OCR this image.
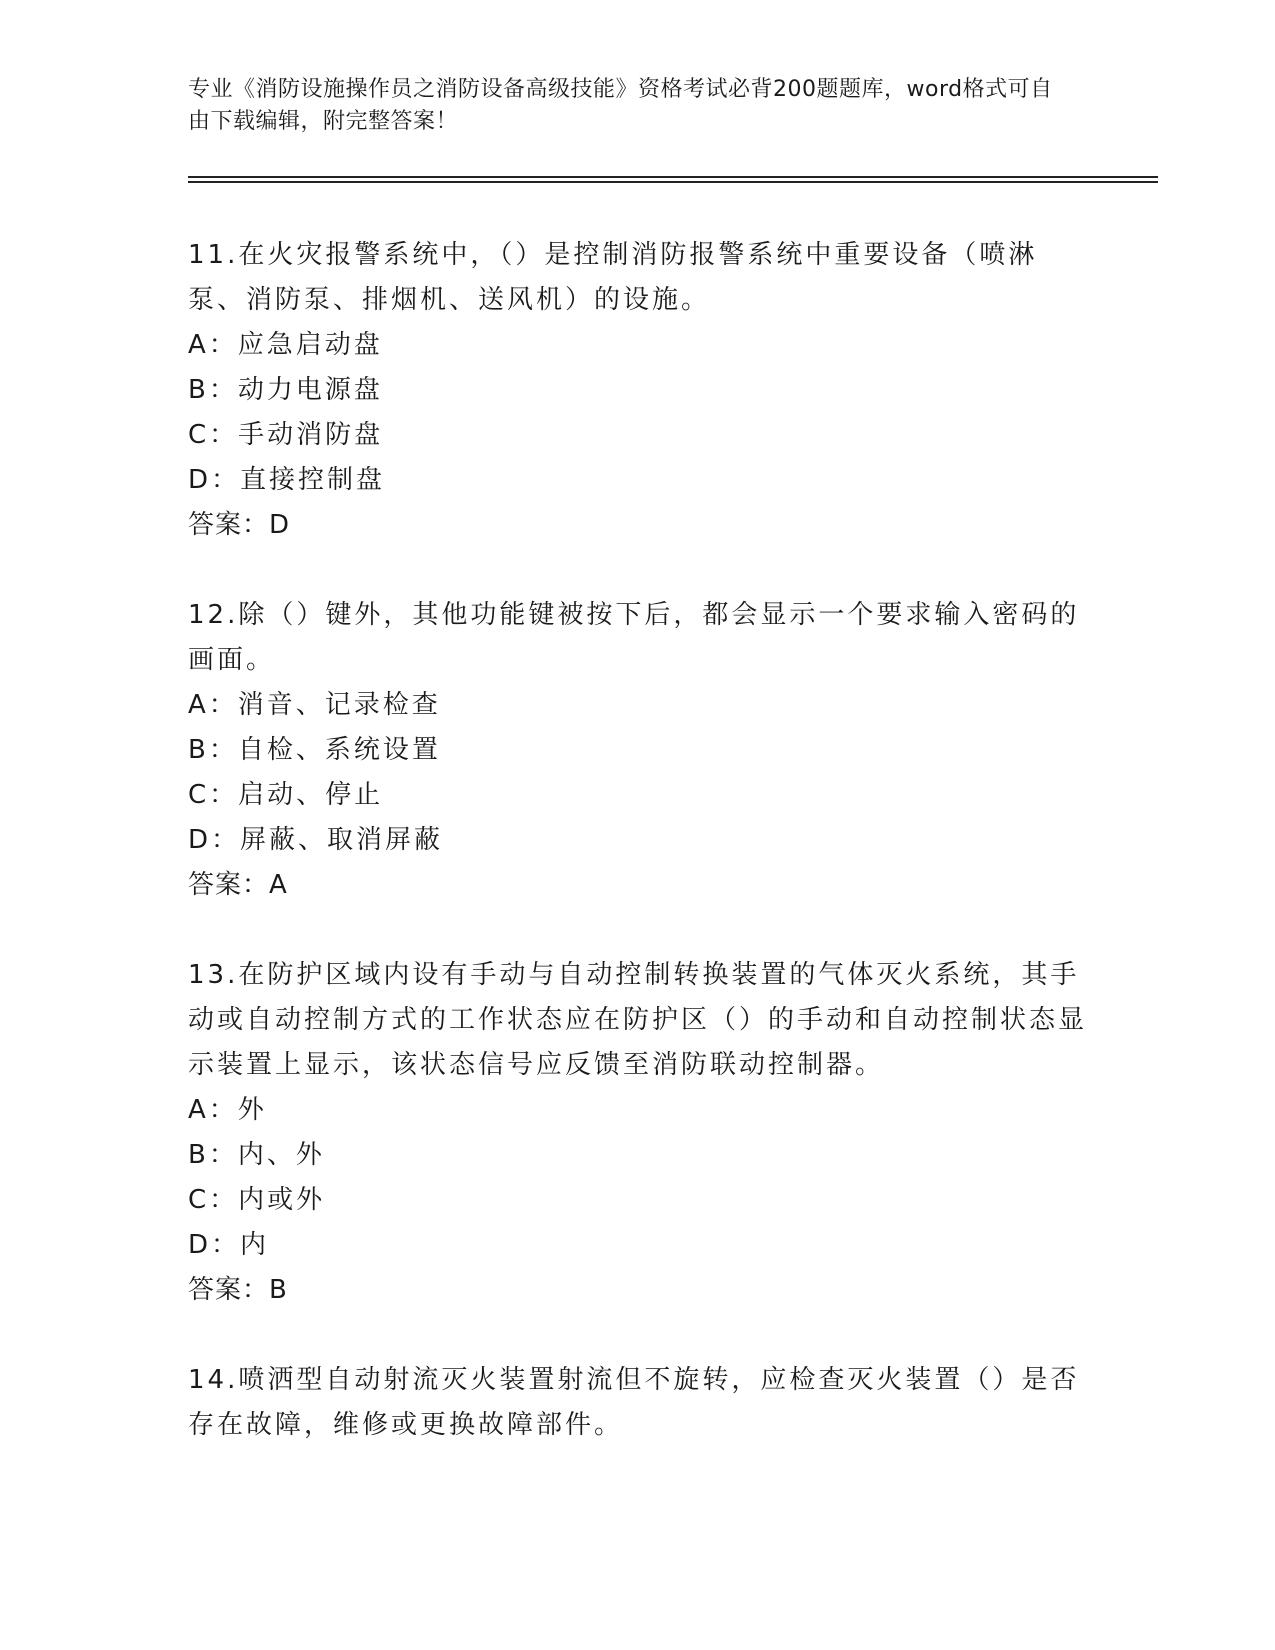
专业《消防设施操作员之消防设备高级技能》资格考试必背200题题库，word格式可自由下载编辑，附完整答案！

11.在火灾报警系统中，（）是控制消防报警系统中重要设备（喷淋泵、消防泵、排烟机、送风机）的设施。

A：应急启动盘

B：动力电源盘

C：手动消防盘

D：直接控制盘

答案：D

12.除（）键外，其他功能键被按下后，都会显示一个要求输入密码的画面。

A：消音、记录检查

B：自检、系统设置

C：启动、停止

D：屏蔽、取消屏蔽

答案：A

13.在防护区域内设有手动与自动控制转换装置的气体灭火系统，其手动或自动控制方式的工作状态应在防护区（）的手动和自动控制状态显示装置上显示，该状态信号应反馈至消防联动控制器。

A：外

B：内、外

C：内或外

D：内

答案：B

14.喷洒型自动射流灭火装置射流但不旋转，应检查灭火装置（）是否存在故障，维修或更换故障部件。
